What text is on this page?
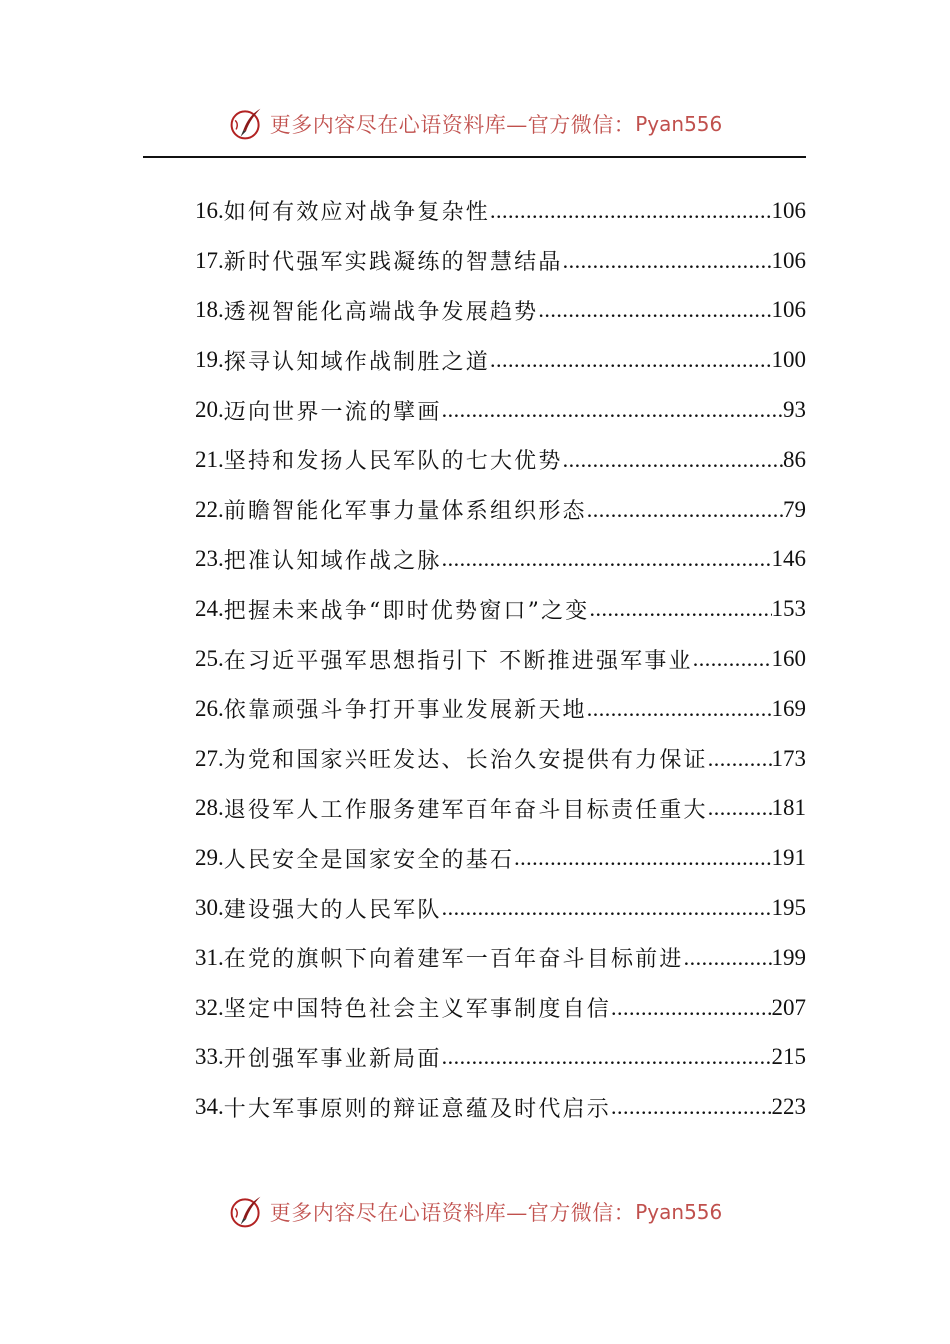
更多内容尽在心语资料库—官方微信： Pyan556
16. 如何有效应对战争复杂性 .....	106
17. 新时代强军实践凝练的智慧结晶 .....	106
18. 透视智能化高端战争发展趋势 .....	106
19. 探寻认知域作战制胜之道 .....	100
20. 迈向世界一流的擘画 .....	93
21. 坚持和发扬人民军队的七大优势 .....	86
22. 前瞻智能化军事力量体系组织形态 .....	79
23. 把准认知域作战之脉 .....	146
24. 把握未来战争“即时优势窗口”之变 .....	153
25. 在习近平强军思想指引下 不断推进强军事业 .....	160
26. 依靠顽强斗争打开事业发展新天地 .....	169
27. 为党和国家兴旺发达、长治久安提供有力保证 .....	173
28. 退役军人工作服务建军百年奋斗目标责任重大 .....	181
29. 人民安全是国家安全的基石 .....	191
30. 建设强大的人民军队 .....	195
31. 在党的旗帜下向着建军一百年奋斗目标前进 .....	199
32. 坚定中国特色社会主义军事制度自信 .....	207
33. 开创强军事业新局面 .....	215
34. 十大军事原则的辩证意蕴及时代启示 .....	223
更多内容尽在心语资料库—官方微信： Pyan556
